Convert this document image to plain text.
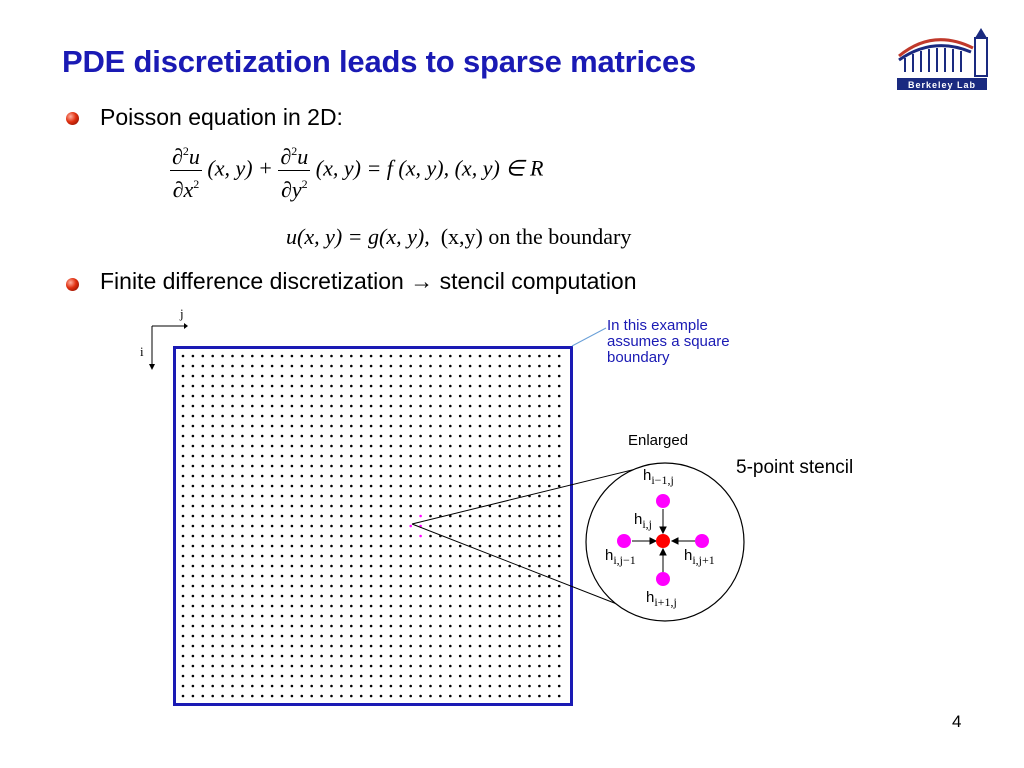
PDE discretization leads to sparse matrices
Berkeley Lab
Poisson equation in 2D:
$\frac{\partial^2u}{\partial x^2} (x$, $y) + \frac{\partial^2u}{\partial y^2} (x$, y) = f (x, y), (x, y) ∈ R
u(x, y) = g(x, y), (x,y) on the boundary
Finite difference discretization → stencil computation
j
i
In this example
assumes a square
boundary
Enlarged
5-point stencil
$h_{i-1,j}$
$h_{i,j}$
$h_{i,j-1}$	$h_{i,j+1}$
$h_{i+1,j}$
4
